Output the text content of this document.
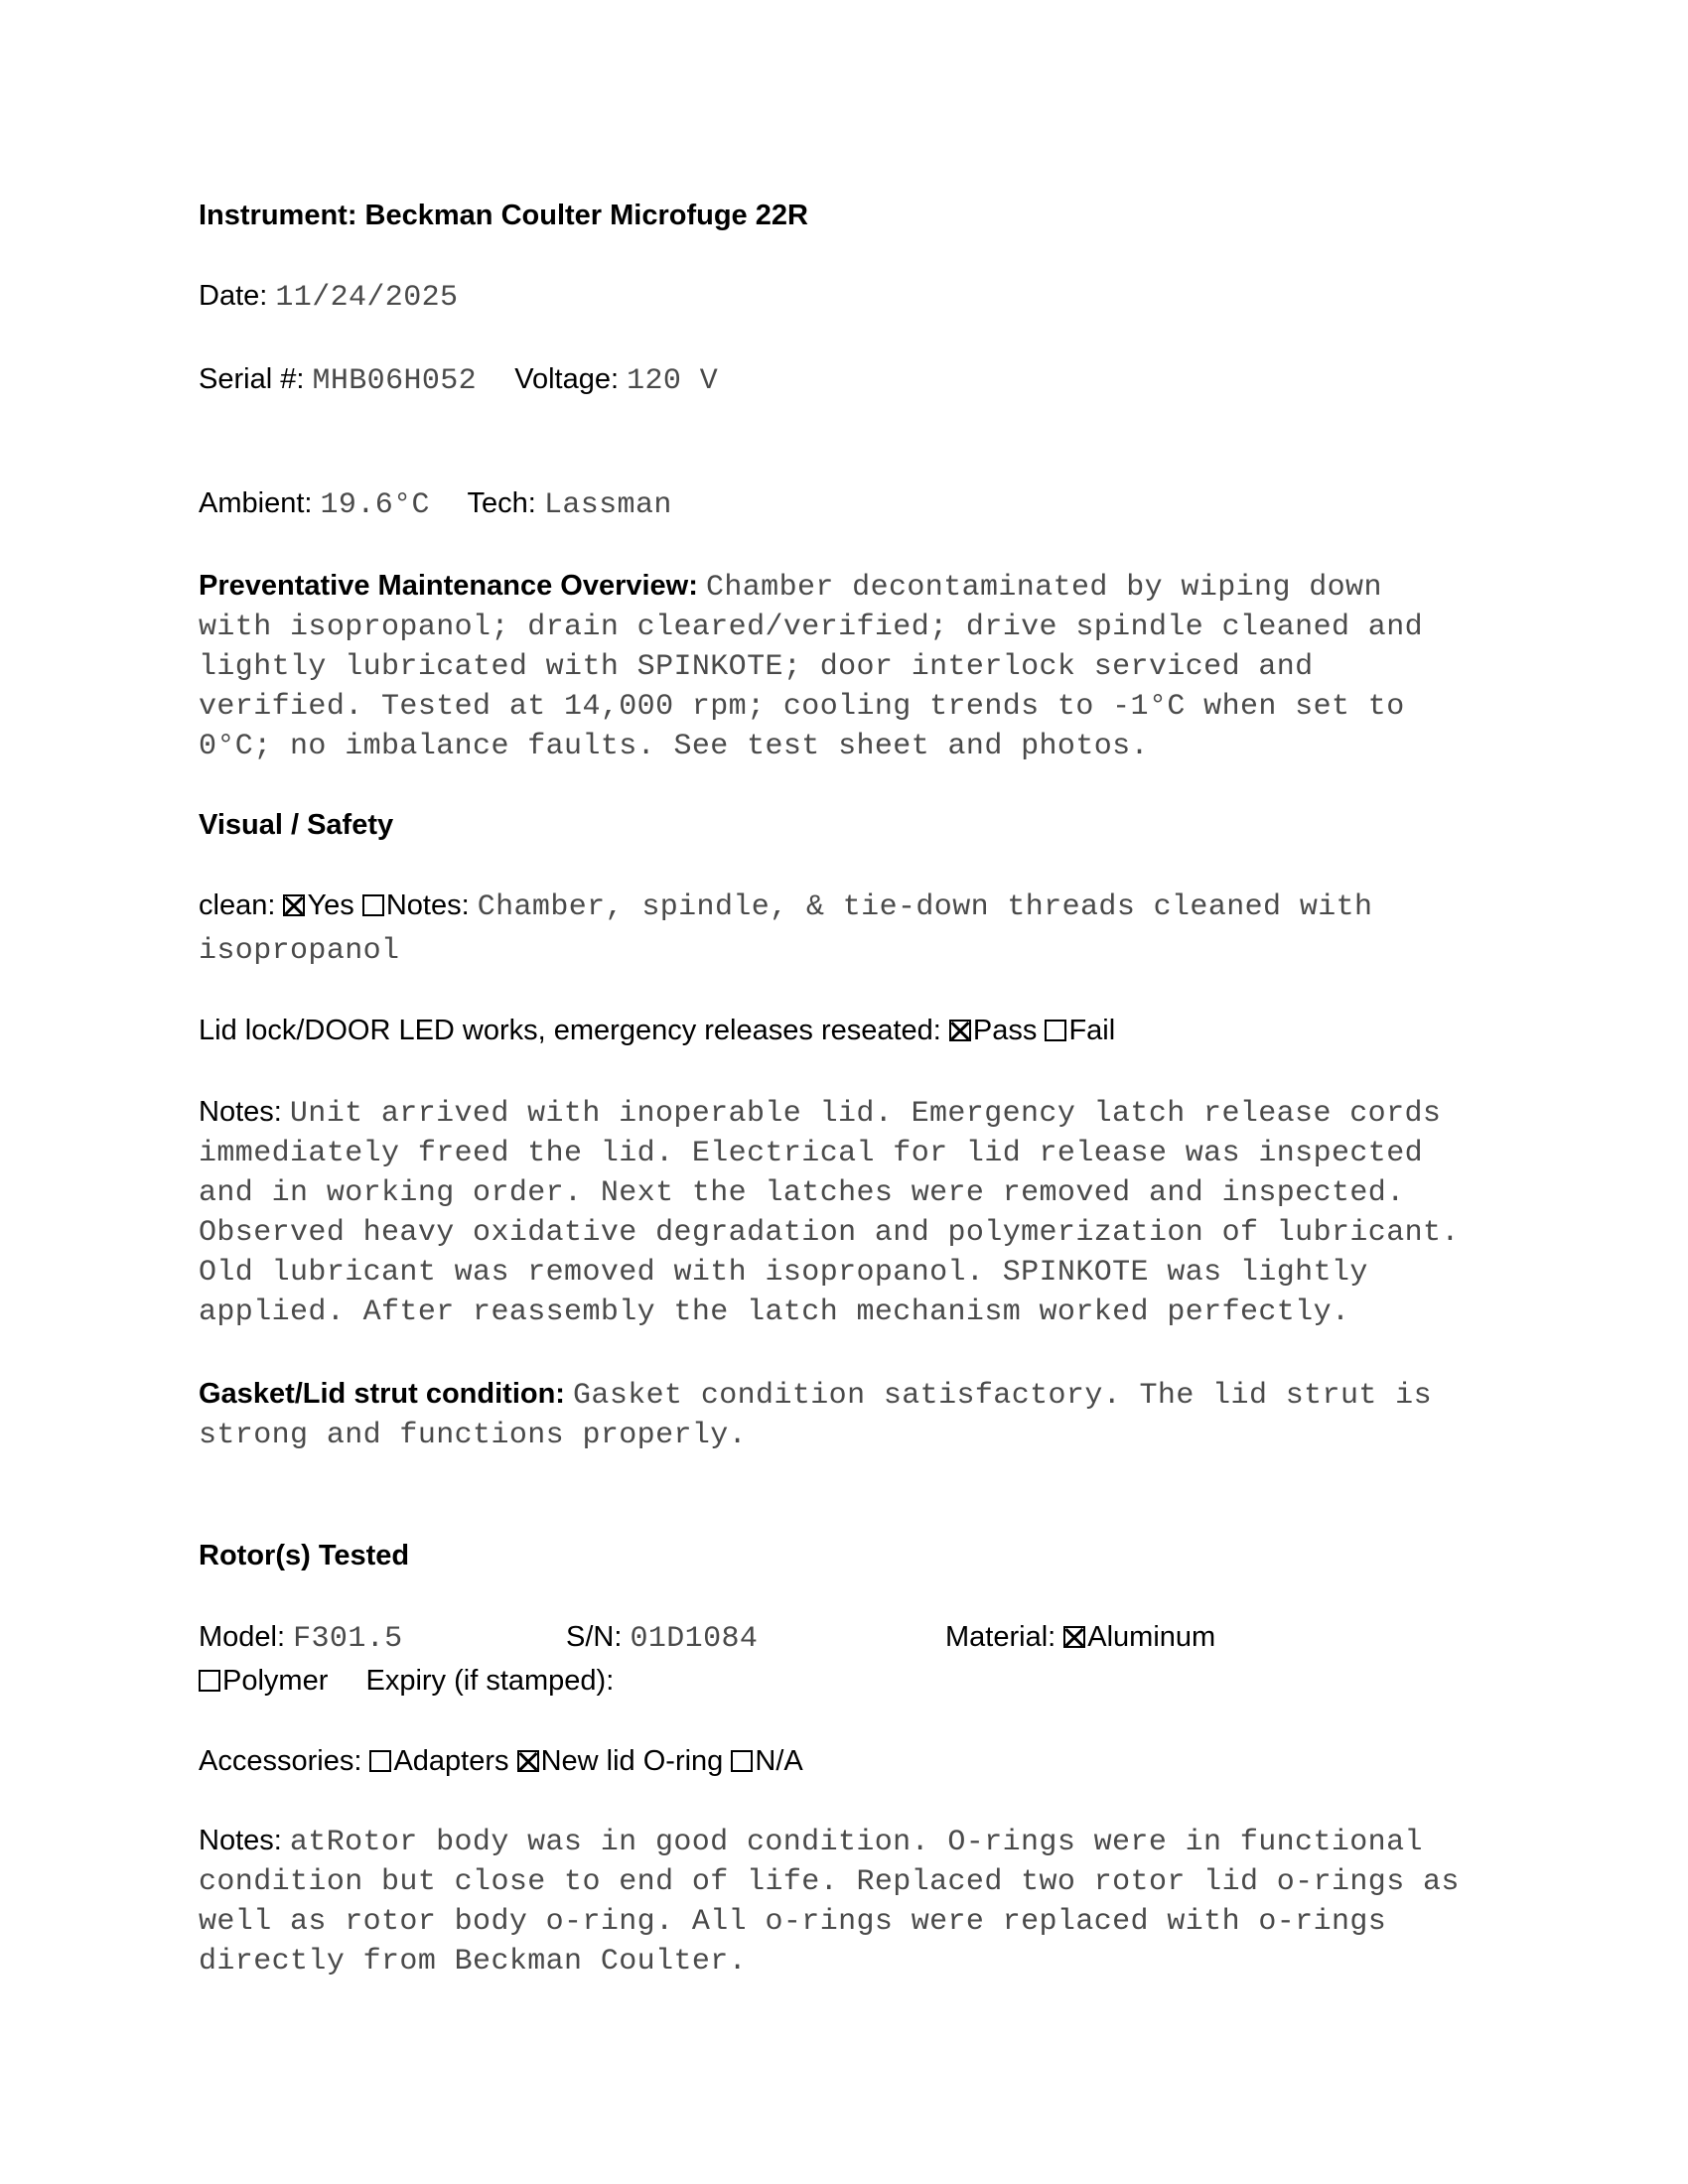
Instrument: Beckman Coulter Microfuge 22R
Date: 11/24/2025
Serial #: MHB06H052 Voltage: 120 V
Ambient: 19.6°C Tech: Lassman
Preventative Maintenance Overview: Chamber decontaminated by wiping down
with isopropanol; drain cleared/verified; drive spindle cleaned and
lightly lubricated with SPINKOTE; door interlock serviced and
verified. Tested at 14,000 rpm; cooling trends to -1°C when set to
0°C; no imbalance faults. See test sheet and photos.
Visual / Safety
clean: Yes Notes: Chamber, spindle, & tie-down threads cleaned with
isopropanol
Lid lock/DOOR LED works, emergency releases reseated: Pass Fail
Notes: Unit arrived with inoperable lid. Emergency latch release cords
immediately freed the lid. Electrical for lid release was inspected
and in working order. Next the latches were removed and inspected.
Observed heavy oxidative degradation and polymerization of lubricant.
Old lubricant was removed with isopropanol. SPINKOTE was lightly
applied. After reassembly the latch mechanism worked perfectly.
Gasket/Lid strut condition: Gasket condition satisfactory. The lid strut is
strong and functions properly.
Rotor(s) Tested
Model: F301.5	S/N: 01D1084	Material: Aluminum
Polymer Expiry (if stamped):
Accessories: Adapters New lid O-ring N/A
Notes: atRotor body was in good condition. O-rings were in functional
condition but close to end of life. Replaced two rotor lid o-rings as
well as rotor body o-ring. All o-rings were replaced with o-rings
directly from Beckman Coulter.
